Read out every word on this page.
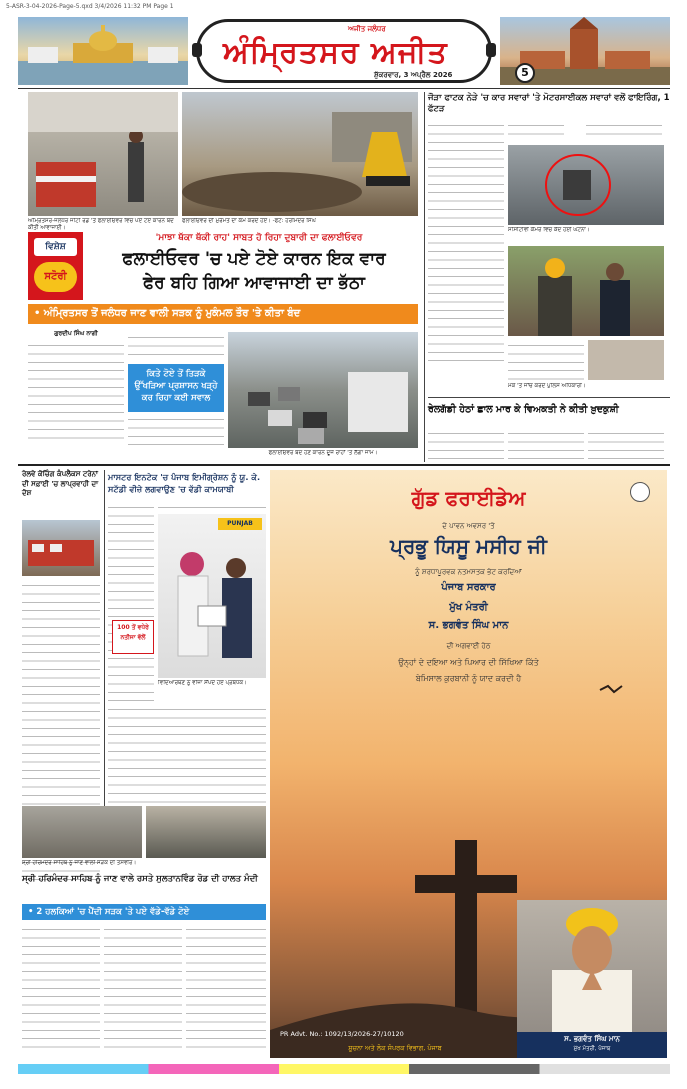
5-ASR-3-04-2026-Page-5.qxd 3/4/2026 11:32 PM Page 1
ਅਜੀਤ ਜਲੰਧਰ
ਅੰਮ੍ਰਿਤਸਰ ਅਜੀਤ
ਸ਼ੁੱਕਰਵਾਰ, 3 ਅਪ੍ਰੈਲ 2026	5
ਅੰਮ੍ਰਿਤਸਰ-ਜਲੰਧਰ ਜੀਟੀ ਰੋਡ 'ਤੇ ਫਲਾਈਓਵਰ ਵਿਚ ਪਏ ਟੋਏ ਕਾਰਨ ਬੰਦ ਕੀਤੀ ਆਵਾਜਾਈ।
ਫਲਾਈਓਵਰ ਦੀ ਮੁਰੰਮਤ ਦਾ ਕੰਮ ਕਰਦੇ ਹੋਏ। -ਫੋਟੋ: ਹਰਮਿੰਦਰ ਸਿੰਘ
ਵਿਸ਼ੇਸ਼
ਸਟੋਰੀ
'ਮਾਝਾ ਥੱਕਾ ਥੱਕੀ ਰਾਹ' ਸਾਬਤ ਹੋ ਰਿਹਾ ਦੁਬਾਰੀ ਦਾ ਫਲਾਈਓਵਰ
ਫਲਾਈਓਵਰ 'ਚ ਪਏ ਟੋਏ ਕਾਰਨ ਇਕ ਵਾਰ
ਫੇਰ ਬਹਿ ਗਿਆ ਆਵਾਜਾਈ ਦਾ ਭੱਠਾ
• ਅੰਮ੍ਰਿਤਸਰ ਤੋਂ ਜਲੰਧਰ ਜਾਣ ਵਾਲੀ ਸੜਕ ਨੂੰ ਮੁਕੰਮਲ ਤੌਰ 'ਤੇ ਕੀਤਾ ਬੰਦ
ਗੁਰਦੀਪ ਸਿੰਘ ਨਾਗੀ
ਕਿਤੇ ਟੋਏ ਤੋਂ ਤਿੜਕੇ ਉੱਖੜਿਆ ਪ੍ਰਸ਼ਾਸਨ ਖੜ੍ਹੇ ਕਰ ਰਿਹਾ ਕਈ ਸਵਾਲ
ਫਲਾਈਓਵਰ ਬੰਦ ਹੋਣ ਕਾਰਨ ਦੂਜੇ ਰਾਹਾਂ 'ਤੇ ਲੱਗਾ ਜਾਮ।
ਜੌੜਾ ਫਾਟਕ ਨੇੜੇ 'ਚ ਕਾਰ ਸਵਾਰਾਂ 'ਤੇ ਮੋਟਰਸਾਈਕਲ ਸਵਾਰਾਂ ਵਲੋਂ ਫਾਇਰਿੰਗ, 1 ਫੱਟੜ
ਸੀਸੀਟੀਵੀ ਕੈਮਰੇ ਵਿਚ ਕੈਦ ਹੋਈ ਘਟਨਾ।
ਮੌਕੇ 'ਤੇ ਜਾਂਚ ਕਰਦੇ ਪੁਲਿਸ ਅਧਿਕਾਰੀ।
ਰੇਲਗੱਡੀ ਹੇਠਾਂ ਛਾਲ ਮਾਰ ਕੇ ਵਿਅਕਤੀ ਨੇ ਕੀਤੀ ਖ਼ੁਦਕੁਸ਼ੀ
ਰੇਲਵੇ ਕੋਚਿੰਗ ਕੰਪਲੈਕਸ ਟਰੇਨਾਂ ਦੀ ਸਫ਼ਾਈ 'ਚ ਲਾਪ੍ਰਵਾਹੀ ਦਾ ਦੋਸ਼
ਮਾਸਟਰ ਇਨਟੇਕ 'ਚ ਪੰਜਾਬ ਇਮੀਗ੍ਰੇਸ਼ਨ ਨੂੰ ਯੂ. ਕੇ.
ਸਟੱਡੀ ਵੀਜ਼ੇ ਲਗਵਾਉਣ 'ਚ ਵੱਡੀ ਕਾਮਯਾਬੀ
100 ਤੋਂ ਵਧੇਰੇ ਨਤੀਜਾ ਵੱਲੋਂ
PUNJAB
ਵਿਦਿਆਰਥਣ ਨੂੰ ਵੀਜ਼ਾ ਸੌਂਪਦੇ ਹੋਏ ਪ੍ਰਬੰਧਕ।
ਸ਼੍ਰੀ ਹਰਿਮੰਦਰ ਸਾਹਿਬ ਨੂੰ ਜਾਣ ਵਾਲੀ ਸੜਕ ਦੀ ਤਸਵੀਰ।
ਸ੍ਰੀ ਹਰਿਮੰਦਰ ਸਾਹਿਬ ਨੂੰ ਜਾਣ ਵਾਲੇ ਰਸਤੇ ਸੁਲਤਾਨਵਿੰਡ ਰੋਡ ਦੀ ਹਾਲਤ ਮੰਦੀ
• 2 ਹਲਕਿਆਂ 'ਚ ਪੈਂਦੀ ਸੜਕ 'ਤੇ ਪਏ ਵੱਡੇ-ਵੱਡੇ ਟੋਏ
ਗੁੱਡ ਫਰਾਈਡੇਅ
ਦੇ ਪਾਵਨ ਅਵਸਰ 'ਤੇ
ਪ੍ਰਭੂ ਯਿਸੂ ਮਸੀਹ ਜੀ
ਨੂੰ ਸ਼ਰਧਾਪੂਰਵਕ ਨਤਮਸਤਕ ਭੇਟ ਕਰਦਿਆਂ
ਪੰਜਾਬ ਸਰਕਾਰ
ਮੁੱਖ ਮੰਤਰੀ
ਸ. ਭਗਵੰਤ ਸਿੰਘ ਮਾਨ
ਦੀ ਅਗਵਾਈ ਹੇਠ
ਉਨ੍ਹਾਂ ਦੇ ਦਇਆ ਅਤੇ ਪਿਆਰ ਦੀ ਸਿੱਖਿਆ ਕਿੱਤੇ
ਬੇਮਿਸਾਲ ਕੁਰਬਾਨੀ ਨੂੰ ਯਾਦ ਕਰਦੀ ਹੈ
ਸ. ਭਗਵੰਤ ਸਿੰਘ ਮਾਨ
ਮੁੱਖ ਮੰਤਰੀ, ਪੰਜਾਬ
PR Advt. No.: 1092/13/2026-27/10120
ਸੂਚਨਾ ਅਤੇ ਲੋਕ ਸੰਪਰਕ ਵਿਭਾਗ, ਪੰਜਾਬ
